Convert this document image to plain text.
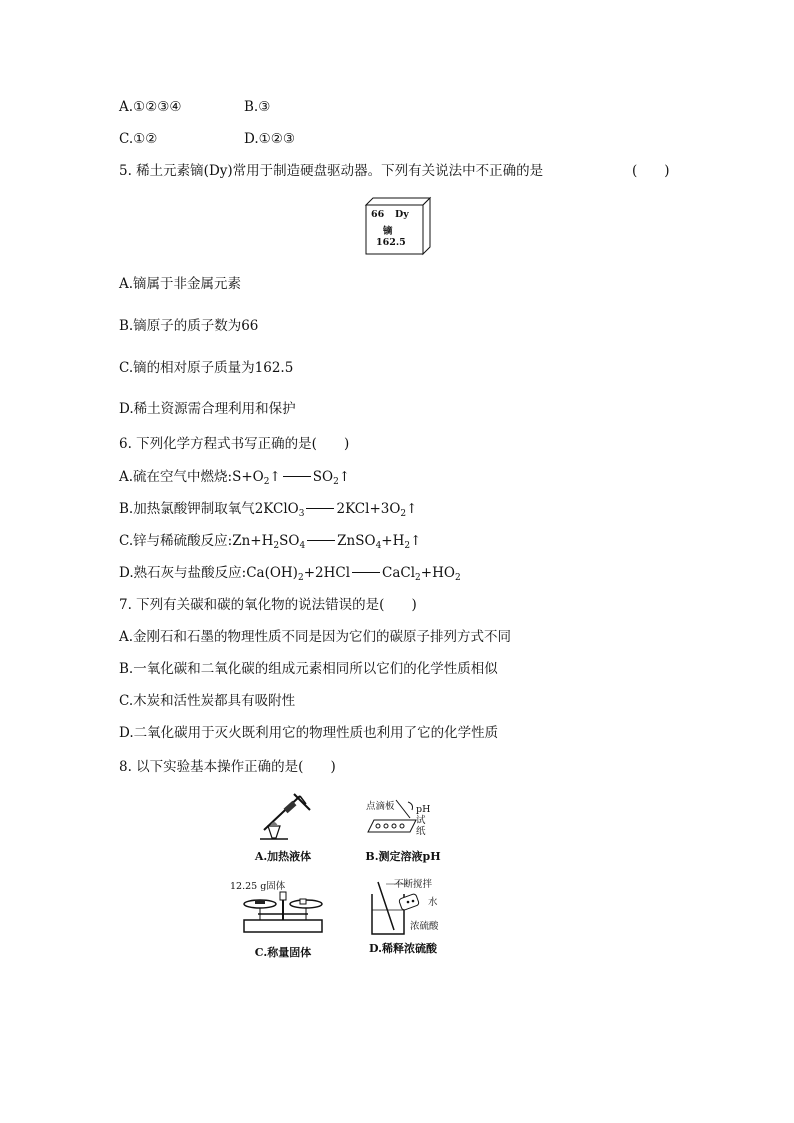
A.①②③④	B.③
C.①②	D.①②③
5. 稀土元素镝(Dy)常用于制造硬盘驱动器。下列有关说法中不正确的是	(　　)
66 Dy
镝
162.5
A.镝属于非金属元素
B.镝原子的质子数为66
C.镝的相对原子质量为162.5
D.稀土资源需合理利用和保护
6. 下列化学方程式书写正确的是(　　)
A.硫在空气中燃烧$:S+O_2↑$ $SO_2↑$
B.加热氯酸钾制取氧气2KClO$_3$ $2KCl+3O_2↑$
C.锌与稀硫酸反应$:Zn+H_2SO_4$ $ZnSO_4+H_2↑$
D.熟石灰与盐酸反应$:Ca(OH)_2+2HCl$ $CaCl_2+HO_2$
7. 下列有关碳和碳的氧化物的说法错误的是(　　)
A.金刚石和石墨的物理性质不同是因为它们的碳原子排列方式不同
B.一氧化碳和二氧化碳的组成元素相同所以它们的化学性质相似
C.木炭和活性炭都具有吸附性
D.二氧化碳用于灭火既利用它的物理性质也利用了它的化学性质
8. 以下实验基本操作正确的是(　　)
A.加热液体
点滴板 pH
试
纸
B.测定溶液pH
12.25 g固体
C.称量固体
不断搅拌
水
浓硫酸
D.稀释浓硫酸
